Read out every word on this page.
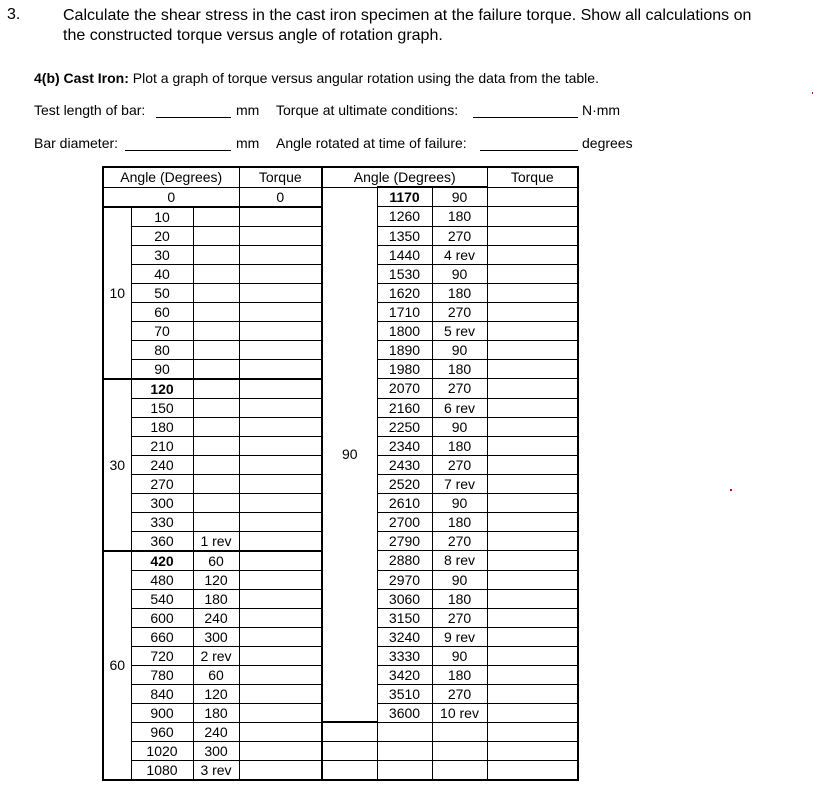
3.	Calculate the shear stress in the cast iron specimen at the failure torque. Show all calculations on the constructed torque versus angle of rotation graph.
4(b) Cast Iron: Plot a graph of torque versus angular rotation using the data from the table.
Test length of bar:	mm Torque at ultimate conditions:	N·mm
Bar diameter:	mm Angle rotated at time of failure:	degrees
Angle (Degrees)			Torque	Angle (Degrees)			Torque
0			0	90	1170	90	
10	10				1260	180	
	20				1350	270	
	30				1440	4 rev	
	40				1530	90	
	50				1620	180	
	60				1710	270	
	70				1800	5 rev	
	80				1890	90	
	90				1980	180	
30	120				2070	270	
	150				2160	6 rev	
	180				2250	90	
	210				2340	180	
	240				2430	270	
	270				2520	7 rev	
	300				2610	90	
	330				2700	180	
	360	1 rev			2790	270	
60	420	60			2880	8 rev	
	480	120			2970	90	
	540	180			3060	180	
	600	240			3150	270	
	660	300			3240	9 rev	
	720	2 rev			3330	90	
	780	60			3420	180	
	840	120			3510	270	
	900	180			3600	10 rev	
	960	240					
	1020	300					
	1080	3 rev					
